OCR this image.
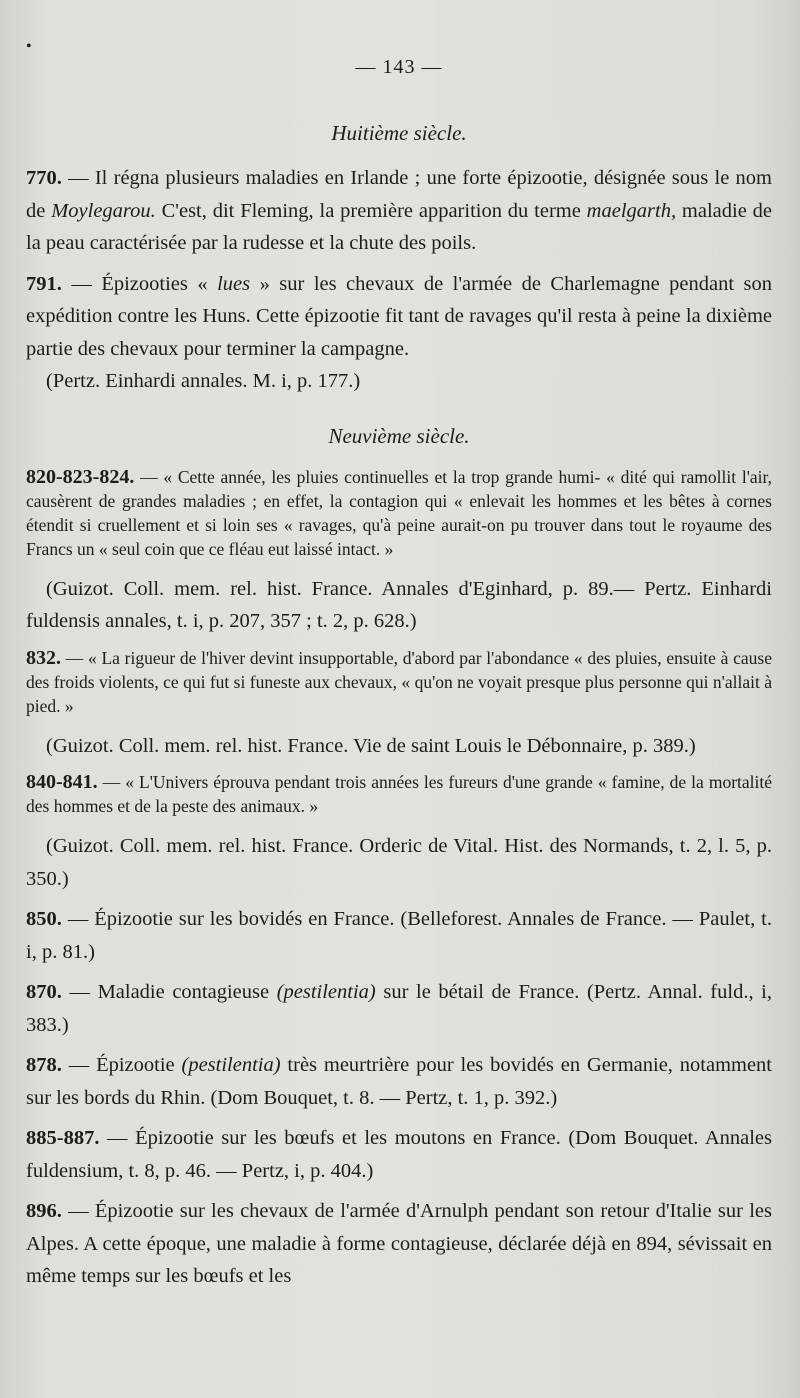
•
— 143 —
Huitième siècle.

770. — Il régna plusieurs maladies en Irlande ; une forte épizootie, désignée sous le nom de Moylegarou. C'est, dit Fleming, la première apparition du terme maelgarth, maladie de la peau caractérisée par la rudesse et la chute des poils.

791. — Épizooties « lues » sur les chevaux de l'armée de Charlemagne pendant son expédition contre les Huns. Cette épizootie fit tant de ravages qu'il resta à peine la dixième partie des chevaux pour terminer la campagne.

(Pertz. Einhardi annales. M. i, p. 177.)

Neuvième siècle.

820-823-824. — « Cette année, les pluies continuelles et la trop grande humi- « dité qui ramollit l'air, causèrent de grandes maladies ; en effet, la contagion qui « enlevait les hommes et les bêtes à cornes étendit si cruellement et si loin ses « ravages, qu'à peine aurait-on pu trouver dans tout le royaume des Francs un « seul coin que ce fléau eut laissé intact. »

(Guizot. Coll. mem. rel. hist. France. Annales d'Eginhard, p. 89.— Pertz. Einhardi fuldensis annales, t. i, p. 207, 357 ; t. 2, p. 628.)

832. — « La rigueur de l'hiver devint insupportable, d'abord par l'abondance « des pluies, ensuite à cause des froids violents, ce qui fut si funeste aux chevaux, « qu'on ne voyait presque plus personne qui n'allait à pied. »

(Guizot. Coll. mem. rel. hist. France. Vie de saint Louis le Débonnaire, p. 389.)

840-841. — « L'Univers éprouva pendant trois années les fureurs d'une grande « famine, de la mortalité des hommes et de la peste des animaux. »

(Guizot. Coll. mem. rel. hist. France. Orderic de Vital. Hist. des Normands, t. 2, l. 5, p. 350.)

850. — Épizootie sur les bovidés en France. (Belleforest. Annales de France. — Paulet, t. i, p. 81.)

870. — Maladie contagieuse (pestilentia) sur le bétail de France. (Pertz. Annal. fuld., i, 383.)

878. — Épizootie (pestilentia) très meurtrière pour les bovidés en Germanie, notamment sur les bords du Rhin. (Dom Bouquet, t. 8. — Pertz, t. 1, p. 392.)

885-887. — Épizootie sur les bœufs et les moutons en France. (Dom Bouquet. Annales fuldensium, t. 8, p. 46. — Pertz, i, p. 404.)

896. — Épizootie sur les chevaux de l'armée d'Arnulph pendant son retour d'Italie sur les Alpes. A cette époque, une maladie à forme contagieuse, déclarée déjà en 894, sévissait en même temps sur les bœufs et les
